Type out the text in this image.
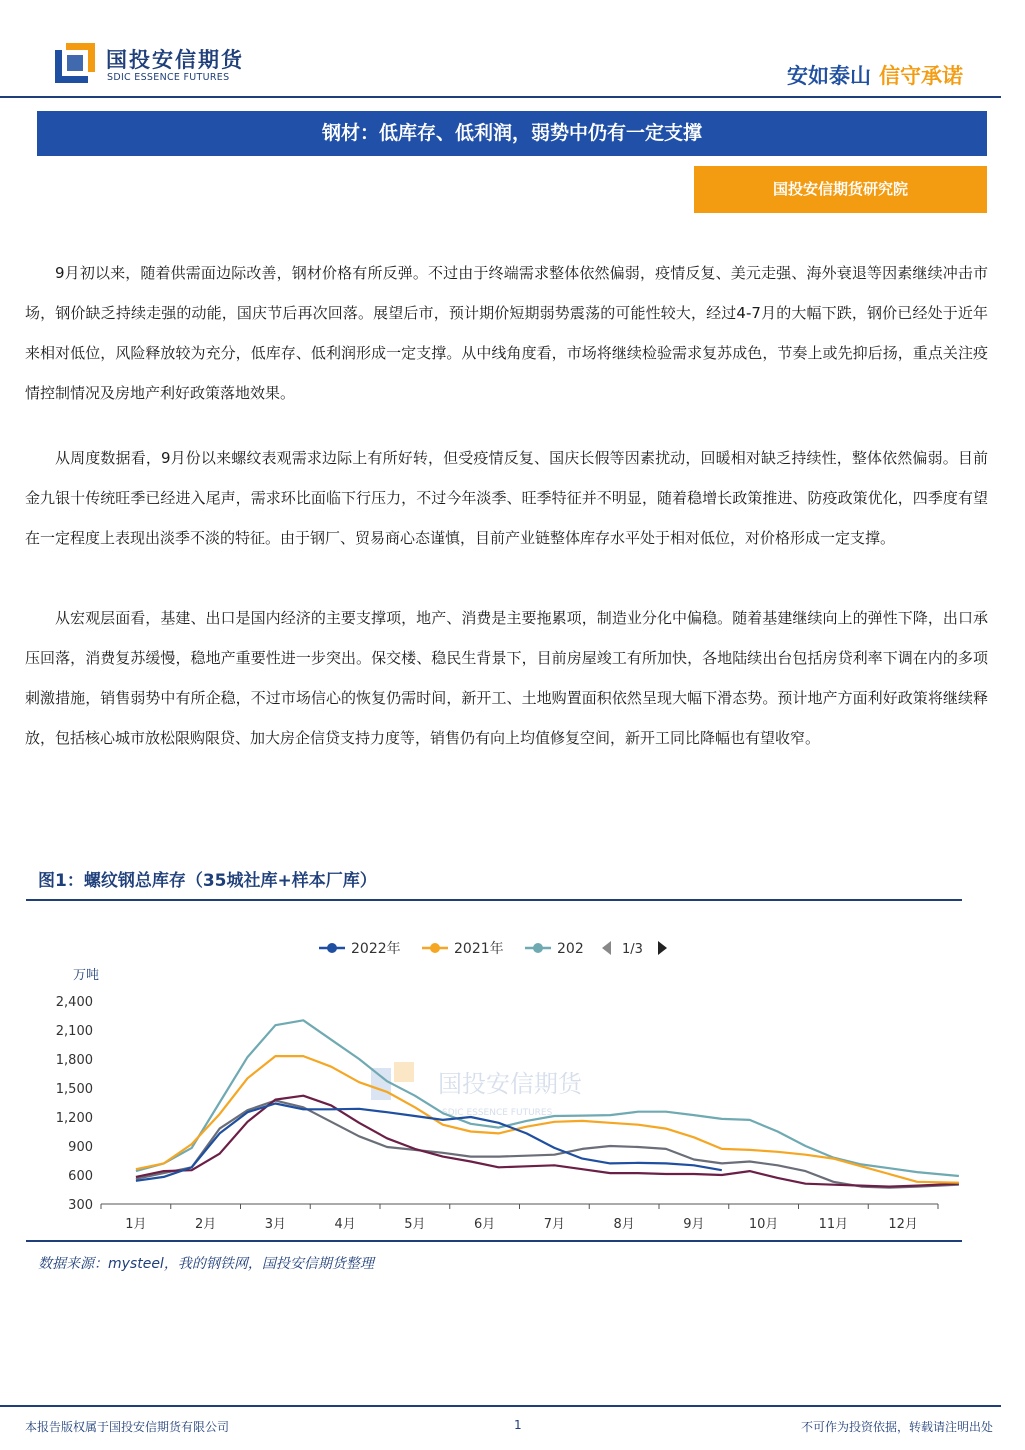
国投安信期货
SDIC ESSENCE FUTURES	安如泰山 信守承诺
钢材：低库存、低利润，弱势中仍有一定支撑
国投安信期货研究院

9月初以来，随着供需面边际改善，钢材价格有所反弹。不过由于终端需求整体依然偏弱，疫情反复、美元走强、海外衰退等因素继续冲击市场，钢价缺乏持续走强的动能，国庆节后再次回落。展望后市，预计期价短期弱势震荡的可能性较大，经过4-7月的大幅下跌，钢价已经处于近年来相对低位，风险释放较为充分，低库存、低利润形成一定支撑。从中线角度看，市场将继续检验需求复苏成色，节奏上或先抑后扬，重点关注疫情控制情况及房地产利好政策落地效果。

从周度数据看，9月份以来螺纹表观需求边际上有所好转，但受疫情反复、国庆长假等因素扰动，回暖相对缺乏持续性，整体依然偏弱。目前金九银十传统旺季已经进入尾声，需求环比面临下行压力，不过今年淡季、旺季特征并不明显，随着稳增长政策推进、防疫政策优化，四季度有望在一定程度上表现出淡季不淡的特征。由于钢厂、贸易商心态谨慎，目前产业链整体库存水平处于相对低位，对价格形成一定支撑。

从宏观层面看，基建、出口是国内经济的主要支撑项，地产、消费是主要拖累项，制造业分化中偏稳。随着基建继续向上的弹性下降，出口承压回落，消费复苏缓慢，稳地产重要性进一步突出。保交楼、稳民生背景下，目前房屋竣工有所加快，各地陆续出台包括房贷利率下调在内的多项刺激措施，销售弱势中有所企稳，不过市场信心的恢复仍需时间，新开工、土地购置面积依然呈现大幅下滑态势。预计地产方面利好政策将继续释放，包括核心城市放松限购限贷、加大房企信贷支持力度等，销售仍有向上均值修复空间，新开工同比降幅也有望收窄。

图1：螺纹钢总库存（35城社库+样本厂库）
国投安信期货
SDIC ESSENCE FUTURES
2022年	2021年	202	1/3
万吨
300
600
900
1,200
1,500
1,800
2,100
2,400
1月	2月	3月	4月	5月	6月	7月	8月	9月	10月	11月	12月
数据来源：mysteel，我的钢铁网，国投安信期货整理
本报告版权属于国投安信期货有限公司	1	不可作为投资依据，转载请注明出处
